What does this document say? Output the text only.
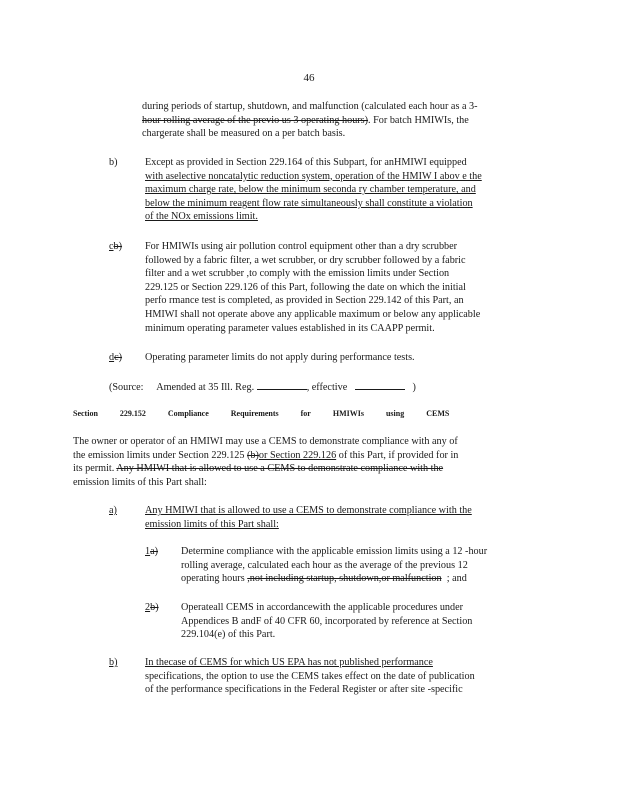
46
during periods of startup, shutdown, and malfunction (calculated each hour as a 3-
hour rolling average of the previo us 3 operating hours). For batch HMIWIs, the
chargerate shall be measured on a per batch basis.
b)	Except as provided in Section 229.164 of this Subpart, for anHMIWI equipped
with aselective noncatalytic reduction system, operation of the HMIW I abov e the
maximum charge rate, below the minimum seconda ry chamber temperature, and
below the minimum reagent flow rate simultaneously shall constitute a violation
of the NOx emissions limit.
cb) For HMIWIs using air pollution control equipment other than a dry scrubber
followed by a fabric filter, a wet scrubber, or dry scrubber followed by a fabric
filter and a wet scrubber ,to comply with the emission limits under Section
229.125 or Section 229.126 of this Part, following the date on which the initial
perfo rmance test is completed, as provided in Section 229.142 of this Part, an
HMIWI shall not operate above any applicable maximum or below any applicable
minimum operating parameter values established in its CAAPP permit.
dc) Operating parameter limits do not apply during performance tests.
(Source: Amended at 35 Ill. Reg.	, effective	)
Section	229.152	Compliance	Requirements	for	HMIWIs	using	CEMS
The owner or operator of an HMIWI may use a CEMS to demonstrate compliance with any of
the emission limits under Section 229.125 (b)or Section 229.126 of this Part, if provided for in
its permit. Any HMIWI that is allowed to use a CEMS to demonstrate compliance with the
emission limits of this Part shall:
a)	Any HMIWI that is allowed to use a CEMS to demonstrate compliance with the
emission limits of this Part shall:
1a) Determine compliance with the applicable emission limits using a 12 -hour
rolling average, calculated each hour as the average of the previous 12
operating hours ,not including startup, shutdown,or malfunction ; and
2b) Operateall CEMS in accordancewith the applicable procedures under
Appendices B andF of 40 CFR 60, incorporated by reference at Section
229.104(e) of this Part.
b)	In thecase of CEMS for which US EPA has not published performance
specifications, the option to use the CEMS takes effect on the date of publication
of the performance specifications in the Federal Register or after site -specific
